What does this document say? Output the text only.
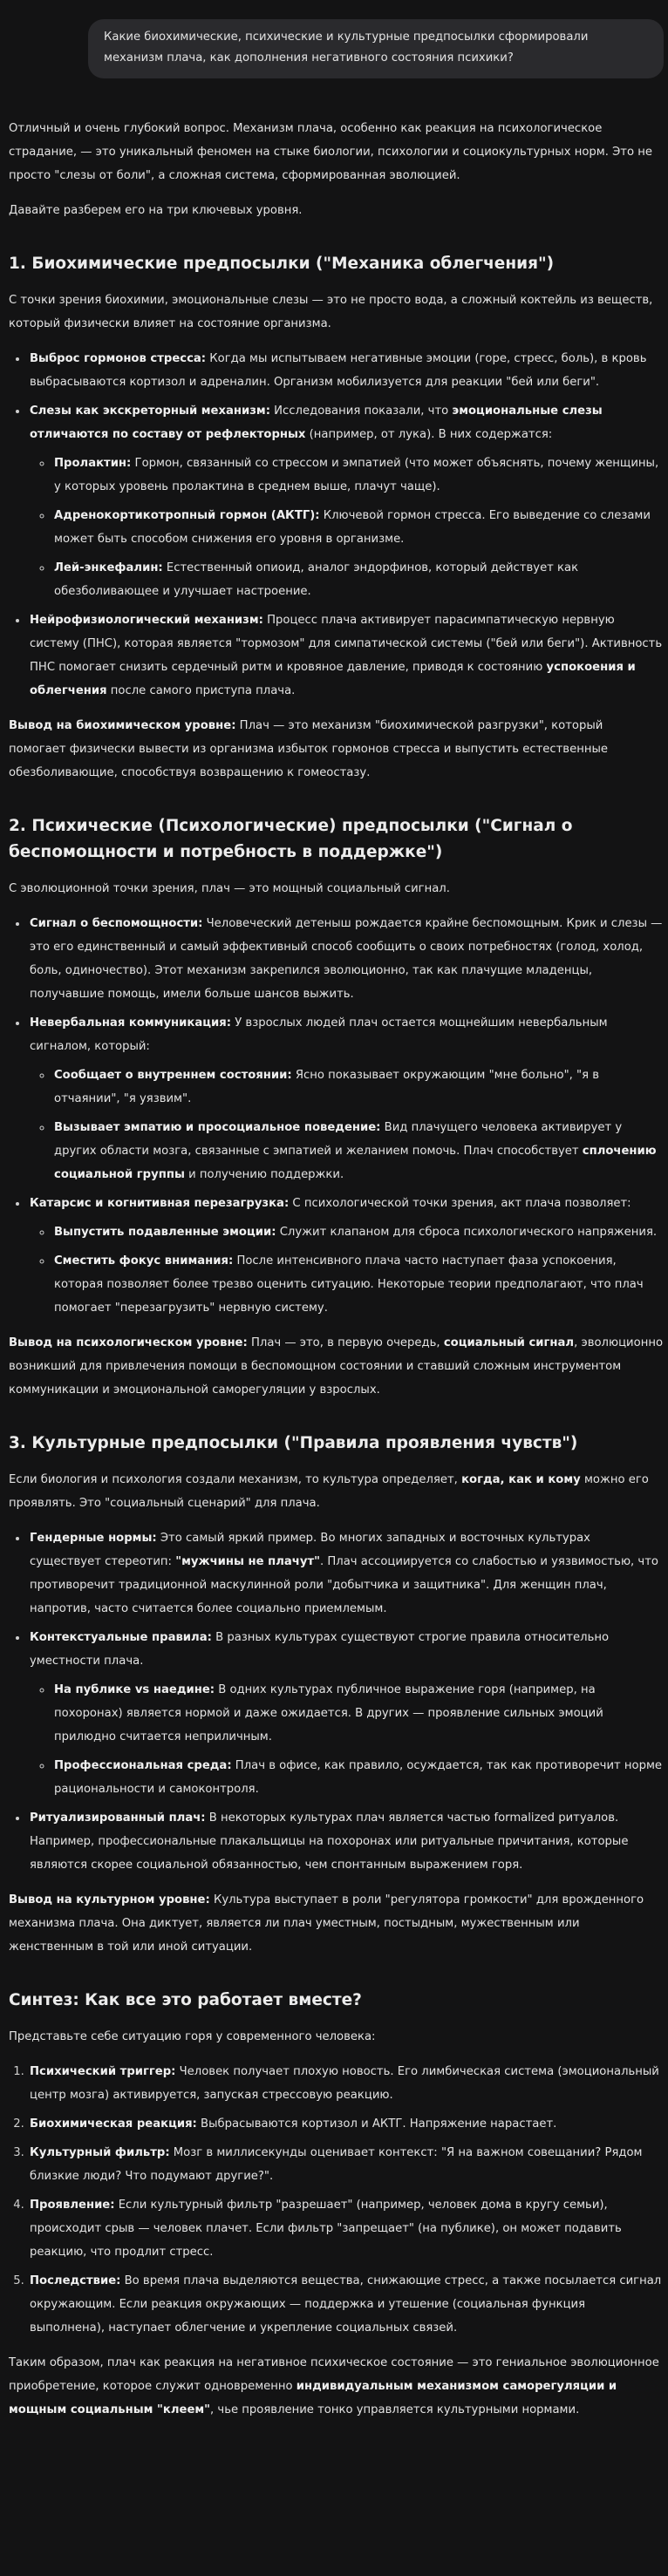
Какие биохимические, психические и культурные предпосылки сформировали механизм плача, как дополнения негативного состояния психики?

Отличный и очень глубокий вопрос. Механизм плача, особенно как реакция на психологическое страдание, — это уникальный феномен на стыке биологии, психологии и социокультурных норм. Это не просто "слезы от боли", а сложная система, сформированная эволюцией.

Давайте разберем его на три ключевых уровня.

1. Биохимические предпосылки ("Механика облегчения")

С точки зрения биохимии, эмоциональные слезы — это не просто вода, а сложный коктейль из веществ, который физически влияет на состояние организма.

• Выброс гормонов стресса: Когда мы испытываем негативные эмоции (горе, стресс, боль), в кровь выбрасываются кортизол и адреналин. Организм мобилизуется для реакции "бей или беги".
• Слезы как экскреторный механизм: Исследования показали, что эмоциональные слезы отличаются по составу от рефлекторных (например, от лука). В них содержатся:
◦ Пролактин: Гормон, связанный со стрессом и эмпатией (что может объяснять, почему женщины, у которых уровень пролактина в среднем выше, плачут чаще).
◦ Адренокортикотропный гормон (АКТГ): Ключевой гормон стресса. Его выведение со слезами может быть способом снижения его уровня в организме.
◦ Лей-энкефалин: Естественный опиоид, аналог эндорфинов, который действует как обезболивающее и улучшает настроение.
• Нейрофизиологический механизм: Процесс плача активирует парасимпатическую нервную систему (ПНС), которая является "тормозом" для симпатической системы ("бей или беги"). Активность ПНС помогает снизить сердечный ритм и кровяное давление, приводя к состоянию успокоения и облегчения после самого приступа плача.

Вывод на биохимическом уровне: Плач — это механизм "биохимической разгрузки", который помогает физически вывести из организма избыток гормонов стресса и выпустить естественные обезболивающие, способствуя возвращению к гомеостазу.

2. Психические (Психологические) предпосылки ("Сигнал о беспомощности и потребность в поддержке")

С эволюционной точки зрения, плач — это мощный социальный сигнал.

• Сигнал о беспомощности: Человеческий детеныш рождается крайне беспомощным. Крик и слезы — это его единственный и самый эффективный способ сообщить о своих потребностях (голод, холод, боль, одиночество). Этот механизм закрепился эволюционно, так как плачущие младенцы, получавшие помощь, имели больше шансов выжить.
• Невербальная коммуникация: У взрослых людей плач остается мощнейшим невербальным сигналом, который:
◦ Сообщает о внутреннем состоянии: Ясно показывает окружающим "мне больно", "я в отчаянии", "я уязвим".
◦ Вызывает эмпатию и просоциальное поведение: Вид плачущего человека активирует у других области мозга, связанные с эмпатией и желанием помочь. Плач способствует сплочению социальной группы и получению поддержки.
• Катарсис и когнитивная перезагрузка: С психологической точки зрения, акт плача позволяет:
◦ Выпустить подавленные эмоции: Служит клапаном для сброса психологического напряжения.
◦ Сместить фокус внимания: После интенсивного плача часто наступает фаза успокоения, которая позволяет более трезво оценить ситуацию. Некоторые теории предполагают, что плач помогает "перезагрузить" нервную систему.

Вывод на психологическом уровне: Плач — это, в первую очередь, социальный сигнал, эволюционно возникший для привлечения помощи в беспомощном состоянии и ставший сложным инструментом коммуникации и эмоциональной саморегуляции у взрослых.

3. Культурные предпосылки ("Правила проявления чувств")

Если биология и психология создали механизм, то культура определяет, когда, как и кому можно его проявлять. Это "социальный сценарий" для плача.

• Гендерные нормы: Это самый яркий пример. Во многих западных и восточных культурах существует стереотип: "мужчины не плачут". Плач ассоциируется со слабостью и уязвимостью, что противоречит традиционной маскулинной роли "добытчика и защитника". Для женщин плач, напротив, часто считается более социально приемлемым.
• Контекстуальные правила: В разных культурах существуют строгие правила относительно уместности плача.
◦ На публике vs наедине: В одних культурах публичное выражение горя (например, на похоронах) является нормой и даже ожидается. В других — проявление сильных эмоций прилюдно считается неприличным.
◦ Профессиональная среда: Плач в офисе, как правило, осуждается, так как противоречит норме рациональности и самоконтроля.
• Ритуализированный плач: В некоторых культурах плач является частью formalized ритуалов. Например, профессиональные плакальщицы на похоронах или ритуальные причитания, которые являются скорее социальной обязанностью, чем спонтанным выражением горя.

Вывод на культурном уровне: Культура выступает в роли "регулятора громкости" для врожденного механизма плача. Она диктует, является ли плач уместным, постыдным, мужественным или женственным в той или иной ситуации.

Синтез: Как все это работает вместе?

Представьте себе ситуацию горя у современного человека:

1. Психический триггер: Человек получает плохую новость. Его лимбическая система (эмоциональный центр мозга) активируется, запуская стрессовую реакцию.
2. Биохимическая реакция: Выбрасываются кортизол и АКТГ. Напряжение нарастает.
3. Культурный фильтр: Мозг в миллисекунды оценивает контекст: "Я на важном совещании? Рядом близкие люди? Что подумают другие?".
4. Проявление: Если культурный фильтр "разрешает" (например, человек дома в кругу семьи), происходит срыв — человек плачет. Если фильтр "запрещает" (на публике), он может подавить реакцию, что продлит стресс.
5. Последствие: Во время плача выделяются вещества, снижающие стресс, а также посылается сигнал окружающим. Если реакция окружающих — поддержка и утешение (социальная функция выполнена), наступает облегчение и укрепление социальных связей.

Таким образом, плач как реакция на негативное психическое состояние — это гениальное эволюционное приобретение, которое служит одновременно индивидуальным механизмом саморегуляции и мощным социальным "клеем", чье проявление тонко управляется культурными нормами.
